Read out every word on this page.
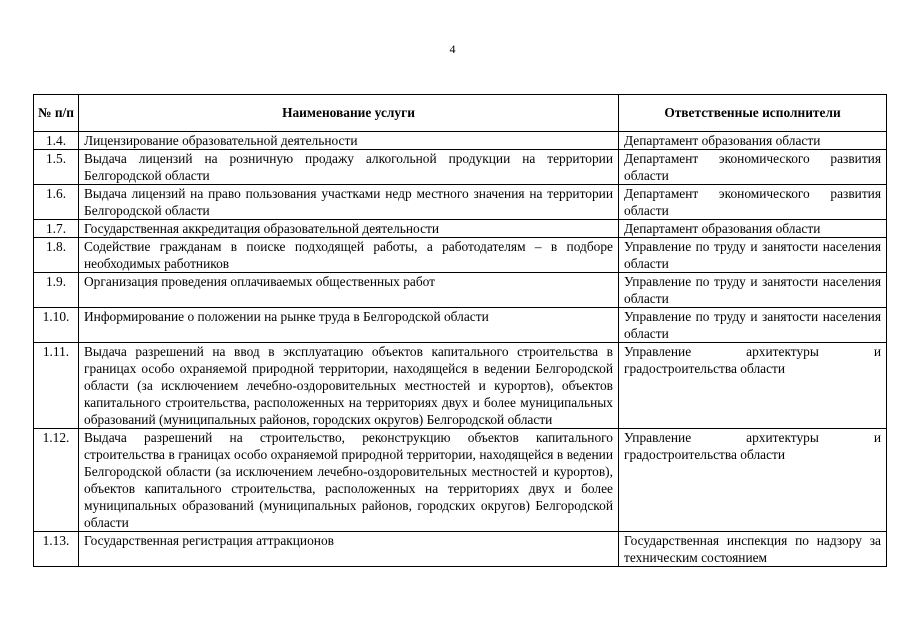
4
№ п/п	Наименование услуги	Ответственные исполнители
1.4.	Лицензирование образовательной деятельности	Департамент образования области
1.5.	Выдача лицензий на розничную продажу алкогольной продукции на территории Белгородской области	Департамент экономического развития области
1.6.	Выдача лицензий на право пользования участками недр местного значения на территории Белгородской области	Департамент экономического развития области
1.7.	Государственная аккредитация образовательной деятельности	Департамент образования области
1.8.	Содействие гражданам в поиске подходящей работы, а работодателям – в подборе необходимых работников	Управление по труду и занятости населения области
1.9.	Организация проведения оплачиваемых общественных работ	Управление по труду и занятости населения области
1.10.	Информирование о положении на рынке труда в Белгородской области	Управление по труду и занятости населения области
1.11.	Выдача разрешений на ввод в эксплуатацию объектов капитального строительства в границах особо охраняемой природной территории, находящейся в ведении Белгородской области (за исключением лечебно-оздоровительных местностей и курортов), объектов капитального строительства, расположенных на территориях двух и более муниципальных образований (муниципальных районов, городских округов) Белгородской области	Управление архитектуры и градостроительства области
1.12.	Выдача разрешений на строительство, реконструкцию объектов капитального строительства в границах особо охраняемой природной территории, находящейся в ведении Белгородской области (за исключением лечебно-оздоровительных местностей и курортов), объектов капитального строительства, расположенных на территориях двух и более муниципальных образований (муниципальных районов, городских округов) Белгородской области	Управление архитектуры и градостроительства области
1.13.	Государственная регистрация аттракционов	Государственная инспекция по надзору за техническим состоянием
